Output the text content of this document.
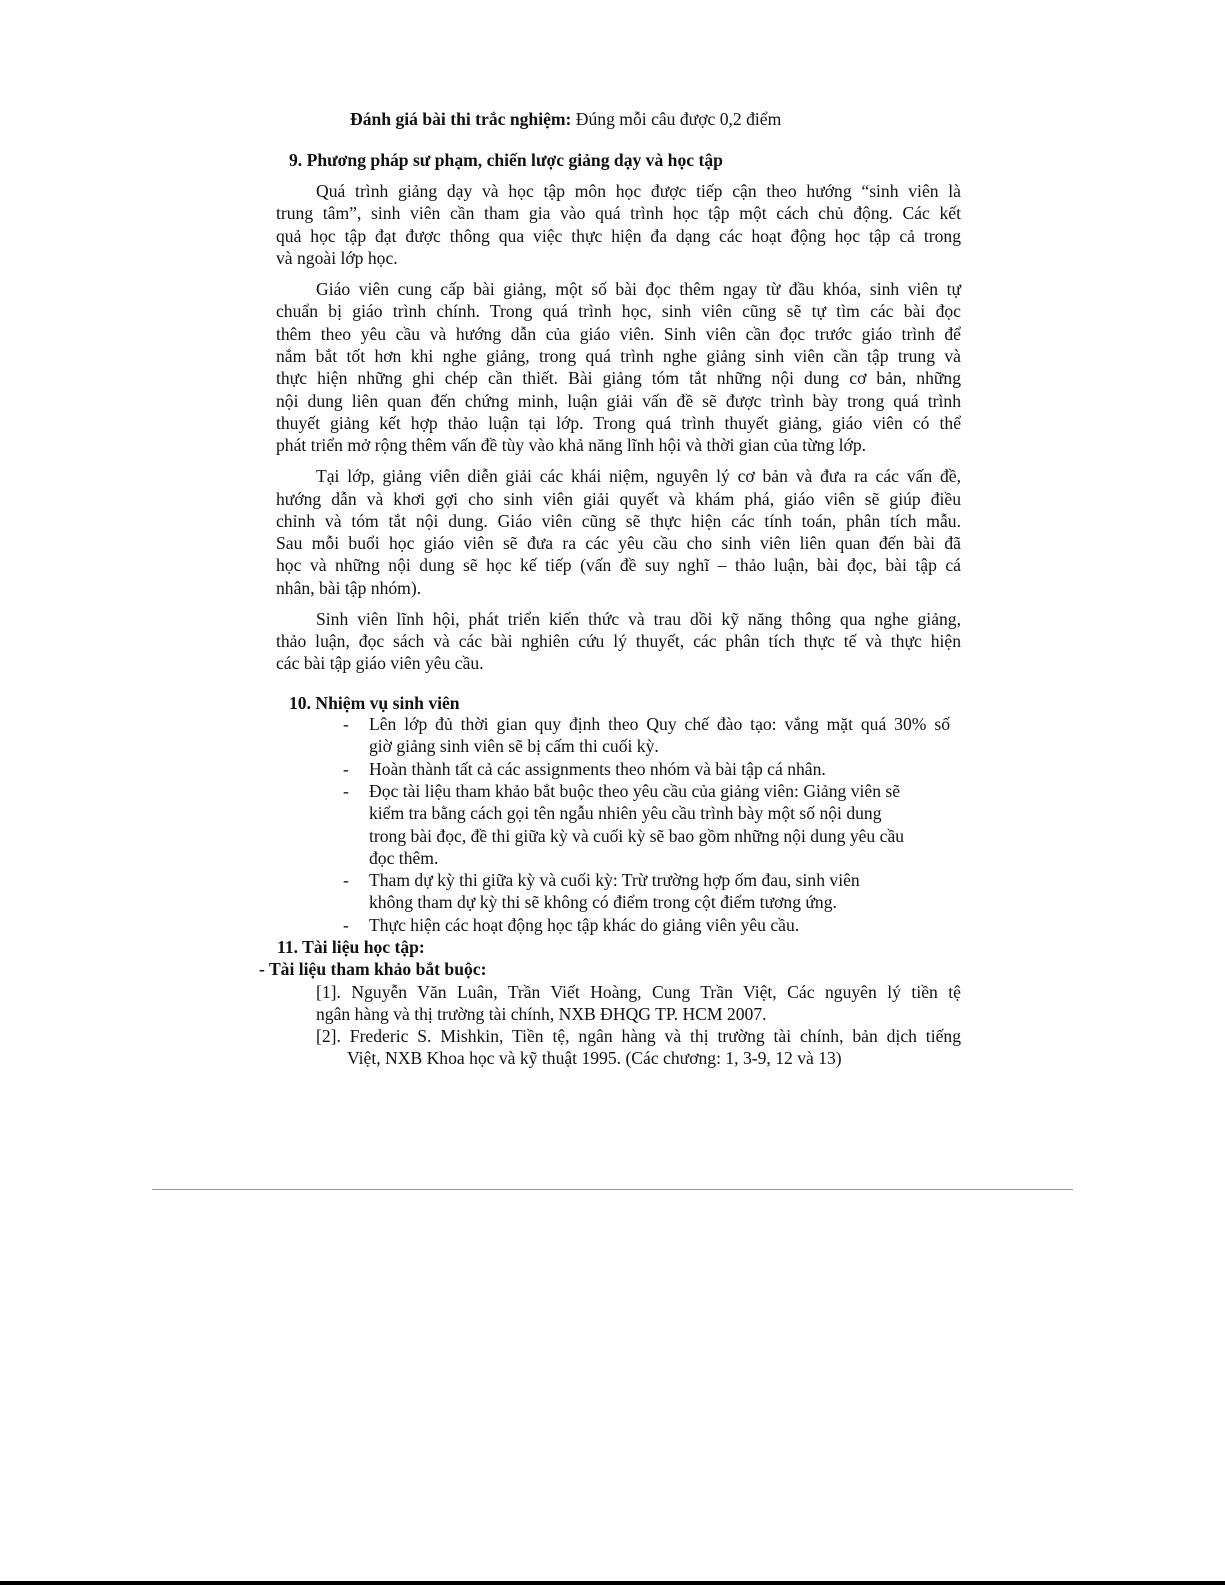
Đánh giá bài thi trắc nghiệm: Đúng mỗi câu được 0,2 điểm
9. Phương pháp sư phạm, chiến lược giảng dạy và học tập
Quá trình giảng dạy và học tập môn học được tiếp cận theo hướng “sinh viên là
trung tâm”, sinh viên cần tham gia vào quá trình học tập một cách chủ động. Các kết
quả học tập đạt được thông qua việc thực hiện đa dạng các hoạt động học tập cả trong
và ngoài lớp học.
Giáo viên cung cấp bài giảng, một số bài đọc thêm ngay từ đầu khóa, sinh viên tự
chuẩn bị giáo trình chính. Trong quá trình học, sinh viên cũng sẽ tự tìm các bài đọc
thêm theo yêu cầu và hướng dẫn của giáo viên. Sinh viên cần đọc trước giáo trình để
nắm bắt tốt hơn khi nghe giảng, trong quá trình nghe giảng sinh viên cần tập trung và
thực hiện những ghi chép cần thiết. Bài giảng tóm tắt những nội dung cơ bản, những
nội dung liên quan đến chứng minh, luận giải vấn đề sẽ được trình bày trong quá trình
thuyết giảng kết hợp thảo luận tại lớp. Trong quá trình thuyết giảng, giáo viên có thể
phát triển mở rộng thêm vấn đề tùy vào khả năng lĩnh hội và thời gian của từng lớp.
Tại lớp, giảng viên diễn giải các khái niệm, nguyên lý cơ bản và đưa ra các vấn đề,
hướng dẫn và khơi gợi cho sinh viên giải quyết và khám phá, giáo viên sẽ giúp điều
chỉnh và tóm tắt nội dung. Giáo viên cũng sẽ thực hiện các tính toán, phân tích mẫu.
Sau mỗi buổi học giáo viên sẽ đưa ra các yêu cầu cho sinh viên liên quan đến bài đã
học và những nội dung sẽ học kế tiếp (vấn đề suy nghĩ – thảo luận, bài đọc, bài tập cá
nhân, bài tập nhóm).
Sinh viên lĩnh hội, phát triển kiến thức và trau dồi kỹ năng thông qua nghe giảng,
thảo luận, đọc sách và các bài nghiên cứu lý thuyết, các phân tích thực tế và thực hiện
các bài tập giáo viên yêu cầu.
10. Nhiệm vụ sinh viên
- Lên lớp đủ thời gian quy định theo Quy chế đào tạo: vắng mặt quá 30% số
giờ giảng sinh viên sẽ bị cấm thi cuối kỳ.
- Hoàn thành tất cả các assignments theo nhóm và bài tập cá nhân.
- Đọc tài liệu tham khảo bắt buộc theo yêu cầu của giảng viên: Giảng viên sẽ
kiểm tra bằng cách gọi tên ngẫu nhiên yêu cầu trình bày một số nội dung
trong bài đọc, đề thi giữa kỳ và cuối kỳ sẽ bao gồm những nội dung yêu cầu
đọc thêm.
- Tham dự kỳ thi giữa kỳ và cuối kỳ: Trừ trường hợp ốm đau, sinh viên
không tham dự kỳ thi sẽ không có điểm trong cột điểm tương ứng.
- Thực hiện các hoạt động học tập khác do giảng viên yêu cầu.
11. Tài liệu học tập:
- Tài liệu tham khảo bắt buộc:
[1]. Nguyễn Văn Luân, Trần Viết Hoàng, Cung Trần Việt, Các nguyên lý tiền tệ
ngân hàng và thị trường tài chính, NXB ĐHQG TP. HCM 2007.
[2]. Frederic S. Mishkin, Tiền tệ, ngân hàng và thị trường tài chính, bản dịch tiếng
Việt, NXB Khoa học và kỹ thuật 1995. (Các chương: 1, 3-9, 12 và 13)
